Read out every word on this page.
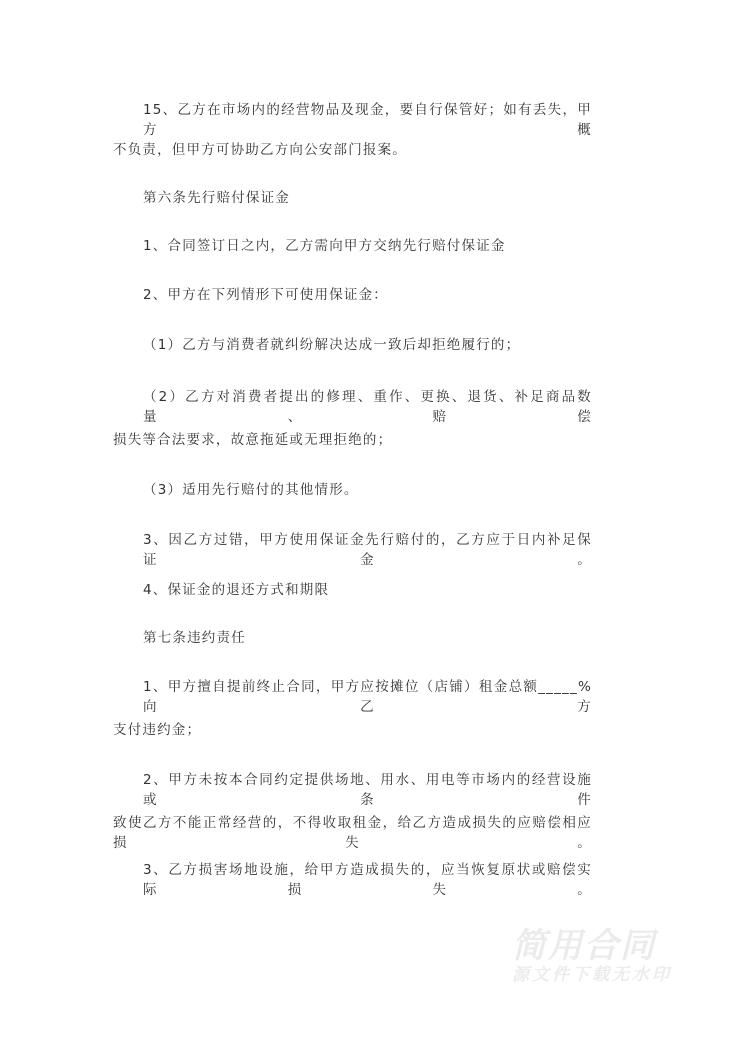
15、乙方在市场内的经营物品及现金，要自行保管好；如有丢失，甲方概
不负责，但甲方可协助乙方向公安部门报案。
第六条先行赔付保证金
1、合同签订日之内，乙方需向甲方交纳先行赔付保证金
2、甲方在下列情形下可使用保证金：
（1）乙方与消费者就纠纷解决达成一致后却拒绝履行的；
（2）乙方对消费者提出的修理、重作、更换、退货、补足商品数量、赔偿
损失等合法要求，故意拖延或无理拒绝的；
（3）适用先行赔付的其他情形。
3、因乙方过错，甲方使用保证金先行赔付的，乙方应于日内补足保证金。
4、保证金的退还方式和期限
第七条违约责任
1、甲方擅自提前终止合同，甲方应按摊位（店铺）租金总额_____%向乙方
支付违约金；
2、甲方未按本合同约定提供场地、用水、用电等市场内的经营设施或条件
致使乙方不能正常经营的，不得收取租金，给乙方造成损失的应赔偿相应损失。
3、乙方损害场地设施，给甲方造成损失的，应当恢复原状或赔偿实际损失。
简用合同
源文件下载无水印
